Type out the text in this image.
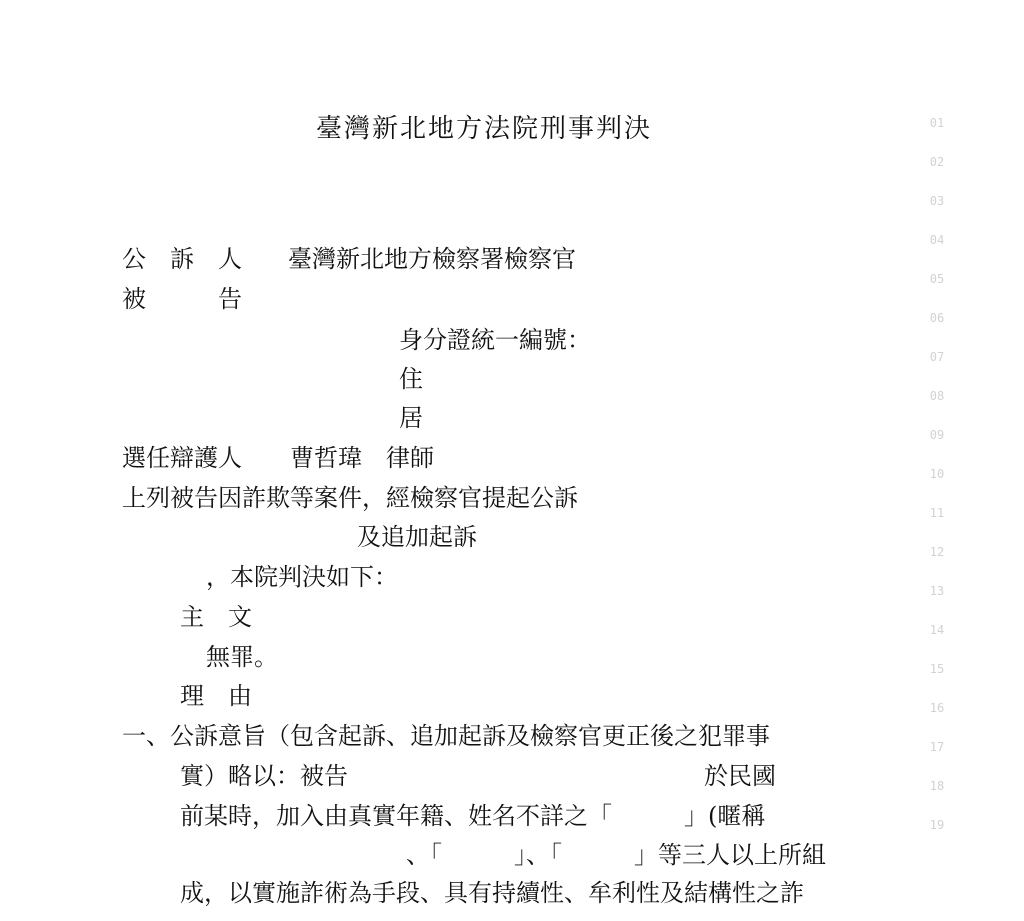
臺灣新北地方法院刑事判決
公　訴　人 臺灣新北地方檢察署檢察官
被　　　告
身分證統一編號：
住
居
選任辯護人 曹哲瑋　律師
上列被告因詐欺等案件，經檢察官提起公訴
及追加起訴
，本院判決如下：
主　文
無罪。
理　由
一、公訴意旨（包含起訴、追加起訴及檢察官更正後之犯罪事
實）略以：被告	於民國
前某時，加入由真實年籍、姓名不詳之「　　　」(暱稱
、「　　　」、「　　　」等三人以上所組
成，以實施詐術為手段、具有持續性、牟利性及結構性之詐
01
02
03
04
05
06
07
08
09
10
11
12
13
14
15
16
17
18
19
